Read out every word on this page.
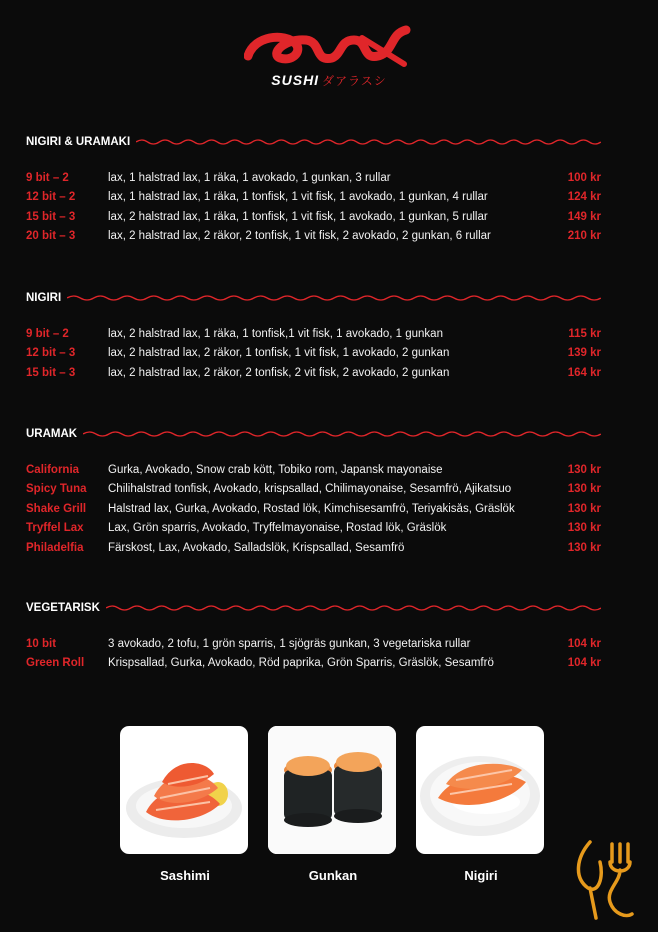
SUSHI ダアラスシ
NIGIRI & URAMAKI
9 bit – 2	lax, 1 halstrad lax, 1 räka, 1 avokado, 1 gunkan, 3 rullar	100 kr
12 bit – 2	lax, 1 halstrad lax, 1 räka, 1 tonfisk, 1 vit fisk, 1 avokado, 1 gunkan, 4 rullar	124 kr
15 bit – 3	lax, 2 halstrad lax, 1 räka, 1 tonfisk, 1 vit fisk, 1 avokado, 1 gunkan, 5 rullar	149 kr
20 bit – 3	lax, 2 halstrad lax, 2 räkor, 2 tonfisk, 1 vit fisk, 2 avokado, 2 gunkan, 6 rullar	210 kr
NIGIRI
9 bit – 2	lax, 2 halstrad lax, 1 räka, 1 tonfisk,1 vit fisk, 1 avokado, 1 gunkan	115 kr
12 bit – 3	lax, 2 halstrad lax, 2 räkor, 1 tonfisk, 1 vit fisk, 1 avokado, 2 gunkan	139 kr
15 bit – 3	lax, 2 halstrad lax, 2 räkor, 2 tonfisk, 2 vit fisk, 2 avokado, 2 gunkan	164 kr
URAMAK
California	Gurka, Avokado, Snow crab kött, Tobiko rom, Japansk mayonaise	130 kr
Spicy Tuna	Chilihalstrad tonfisk, Avokado, krispsallad, Chilimayonaise, Sesamfrö, Ajikatsuo	130 kr
Shake Grill	Halstrad lax, Gurka, Avokado, Rostad lök, Kimchisesamfrö, Teriyakisås, Gräslök	130 kr
Tryffel Lax	Lax, Grön sparris, Avokado, Tryffelmayonaise, Rostad lök, Gräslök	130 kr
Philadelfia	Färskost, Lax, Avokado, Salladslök, Krispsallad, Sesamfrö	130 kr
VEGETARISK
10 bit	3 avokado, 2 tofu, 1 grön sparris, 1 sjögräs gunkan, 3 vegetariska rullar	104 kr
Green Roll	Krispsallad, Gurka, Avokado, Röd paprika, Grön Sparris, Gräslök, Sesamfrö	104 kr
Sashimi	Gunkan	Nigiri
